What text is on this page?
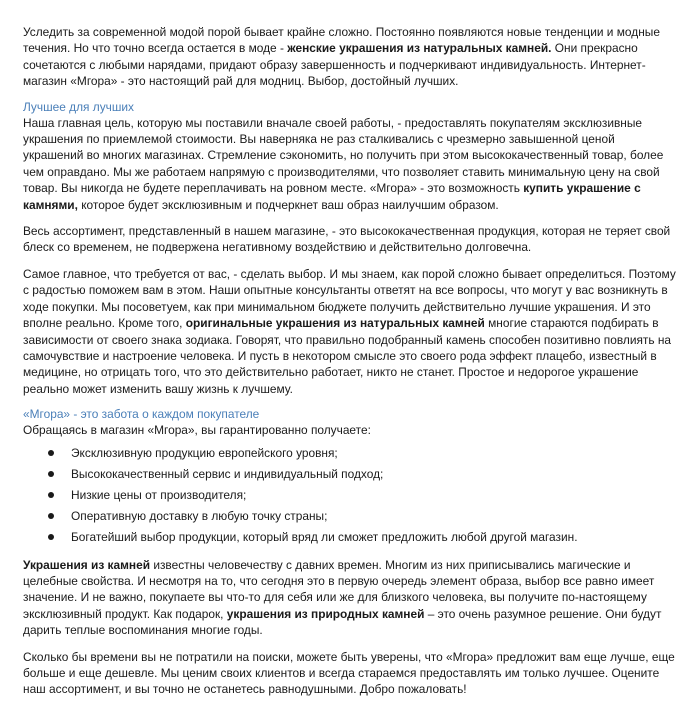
Уследить за современной модой порой бывает крайне сложно. Постоянно появляются новые тенденции и модные течения. Но что точно всегда остается в моде - женские украшения из натуральных камней. Они прекрасно сочетаются с любыми нарядами, придают образу завершенность и подчеркивают индивидуальность. Интернет-магазин «Мгора» - это настоящий рай для модниц. Выбор, достойный лучших.

Лучшее для лучших

Наша главная цель, которую мы поставили вначале своей работы, - предоставлять покупателям эксклюзивные украшения по приемлемой стоимости. Вы наверняка не раз сталкивались с чрезмерно завышенной ценой украшений во многих магазинах. Стремление сэкономить, но получить при этом высококачественный товар, более чем оправдано. Мы же работаем напрямую с производителями, что позволяет ставить минимальную цену на свой товар. Вы никогда не будете переплачивать на ровном месте. «Мгора» - это возможность купить украшение с камнями, которое будет эксклюзивным и подчеркнет ваш образ наилучшим образом.

Весь ассортимент, представленный в нашем магазине, - это высококачественная продукция, которая не теряет свой блеск со временем, не подвержена негативному воздействию и действительно долговечна.

Самое главное, что требуется от вас, - сделать выбор. И мы знаем, как порой сложно бывает определиться. Поэтому с радостью поможем вам в этом. Наши опытные консультанты ответят на все вопросы, что могут у вас возникнуть в ходе покупки. Мы посоветуем, как при минимальном бюджете получить действительно лучшие украшения. И это вполне реально. Кроме того, оригинальные украшения из натуральных камней многие стараются подбирать в зависимости от своего знака зодиака. Говорят, что правильно подобранный камень способен позитивно повлиять на самочувствие и настроение человека. И пусть в некотором смысле это своего рода эффект плацебо, известный в медицине, но отрицать того, что это действительно работает, никто не станет. Простое и недорогое украшение реально может изменить вашу жизнь к лучшему.

«Мгора» - это забота о каждом покупателе

Обращаясь в магазин «Мгора», вы гарантированно получаете:

Эксклюзивную продукцию европейского уровня;
Высококачественный сервис и индивидуальный подход;
Низкие цены от производителя;
Оперативную доставку в любую точку страны;
Богатейший выбор продукции, который вряд ли сможет предложить любой другой магазин.

Украшения из камней известны человечеству с давних времен. Многим из них приписывались магические и целебные свойства. И несмотря на то, что сегодня это в первую очередь элемент образа, выбор все равно имеет значение. И не важно, покупаете вы что-то для себя или же для близкого человека, вы получите по-настоящему эксклюзивный продукт. Как подарок, украшения из природных камней – это очень разумное решение. Они будут дарить теплые воспоминания многие годы.

Сколько бы времени вы не потратили на поиски, можете быть уверены, что «Мгора» предложит вам еще лучше, еще больше и еще дешевле. Мы ценим своих клиентов и всегда стараемся предоставлять им только лучшее. Оцените наш ассортимент, и вы точно не останетесь равнодушными. Добро пожаловать!
